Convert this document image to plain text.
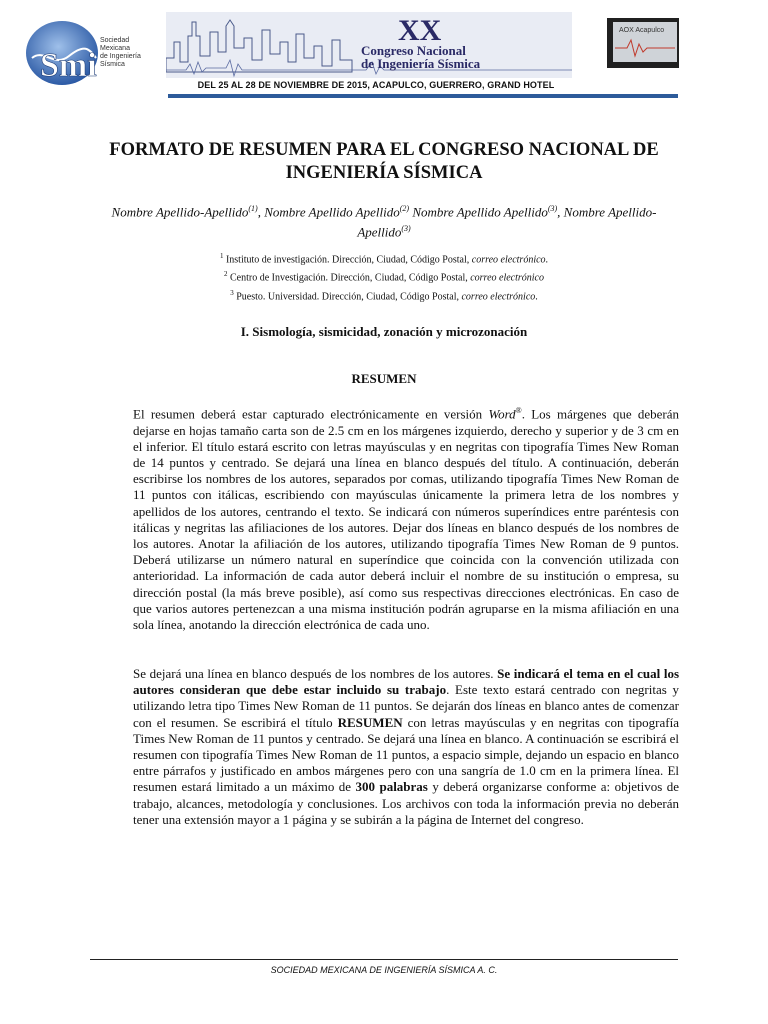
Smi
Sociedad
Mexicana
de Ingeniería
Sísmica
XX
Congreso Nacional
de Ingeniería Sísmica
AOX Acapulco
DEL 25 AL 28 DE NOVIEMBRE DE 2015, ACAPULCO, GUERRERO, GRAND HOTEL
FORMATO DE RESUMEN PARA EL CONGRESO NACIONAL DE INGENIERÍA SÍSMICA
Nombre Apellido-Apellido$^{(1)}$, Nombre Apellido Apellido$^{(2)}$ Nombre Apellido Apellido$^{(3)}$, Nombre Apellido-Apellido$^{(3)}$
$^1$ Instituto de investigación. Dirección, Ciudad, Código Postal, correo electrónico.
$^2$ Centro de Investigación. Dirección, Ciudad, Código Postal, correo electrónico
$^3$ Puesto. Universidad. Dirección, Ciudad, Código Postal, correo electrónico.
I. Sismología, sismicidad, zonación y microzonación
RESUMEN
El resumen deberá estar capturado electrónicamente en versión Word®. Los márgenes que deberán dejarse en hojas tamaño carta son de 2.5 cm en los márgenes izquierdo, derecho y superior y de 3 cm en el inferior. El título estará escrito con letras mayúsculas y en negritas con tipografía Times New Roman de 14 puntos y centrado. Se dejará una línea en blanco después del título. A continuación, deberán escribirse los nombres de los autores, separados por comas, utilizando tipografía Times New Roman de 11 puntos con itálicas, escribiendo con mayúsculas únicamente la primera letra de los nombres y apellidos de los autores, centrando el texto. Se indicará con números superíndices entre paréntesis con itálicas y negritas las afiliaciones de los autores. Dejar dos líneas en blanco después de los nombres de los autores. Anotar la afiliación de los autores, utilizando tipografía Times New Roman de 9 puntos. Deberá utilizarse un número natural en superíndice que coincida con la convención utilizada con anterioridad. La información de cada autor deberá incluir el nombre de su institución o empresa, su dirección postal (la más breve posible), así como sus respectivas direcciones electrónicas. En caso de que varios autores pertenezcan a una misma institución podrán agruparse en la misma afiliación en una sola línea, anotando la dirección electrónica de cada uno.
Se dejará una línea en blanco después de los nombres de los autores. Se indicará el tema en el cual los autores consideran que debe estar incluido su trabajo. Este texto estará centrado con negritas y utilizando letra tipo Times New Roman de 11 puntos. Se dejarán dos líneas en blanco antes de comenzar con el resumen. Se escribirá el título RESUMEN con letras mayúsculas y en negritas con tipografía Times New Roman de 11 puntos y centrado. Se dejará una línea en blanco. A continuación se escribirá el resumen con tipografía Times New Roman de 11 puntos, a espacio simple, dejando un espacio en blanco entre párrafos y justificado en ambos márgenes pero con una sangría de 1.0 cm en la primera línea. El resumen estará limitado a un máximo de 300 palabras y deberá organizarse conforme a: objetivos de trabajo, alcances, metodología y conclusiones. Los archivos con toda la información previa no deberán tener una extensión mayor a 1 página y se subirán a la página de Internet del congreso.
SOCIEDAD MEXICANA DE INGENIERÍA SÍSMICA A. C.
